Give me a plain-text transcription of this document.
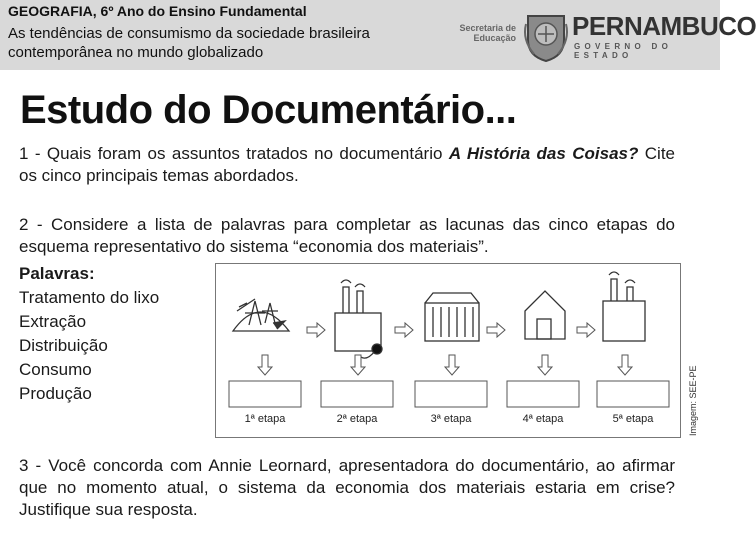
GEOGRAFIA, 6º Ano do Ensino Fundamental
As tendências de consumismo da sociedade brasileira contemporânea no mundo globalizado
Secretaria de Educação PERNAMBUCO
GOVERNO DO ESTADO
Estudo do Documentário...
1 - Quais foram os assuntos tratados no documentário A História das Coisas? Cite os cinco principais temas abordados.
2 - Considere a lista de palavras para completar as lacunas das cinco etapas do esquema representativo do sistema “economia dos materiais”.
Palavras:
Tratamento do lixo
Extração
Distribuição
Consumo
Produção
1ª etapa	2ª etapa	3ª etapa	4ª etapa	5ª etapa	Imagem: SEE-PE
3 - Você concorda com Annie Leornard, apresentadora do documentário, ao afirmar que no momento atual, o sistema da economia dos materiais estaria em crise? Justifique sua resposta.
